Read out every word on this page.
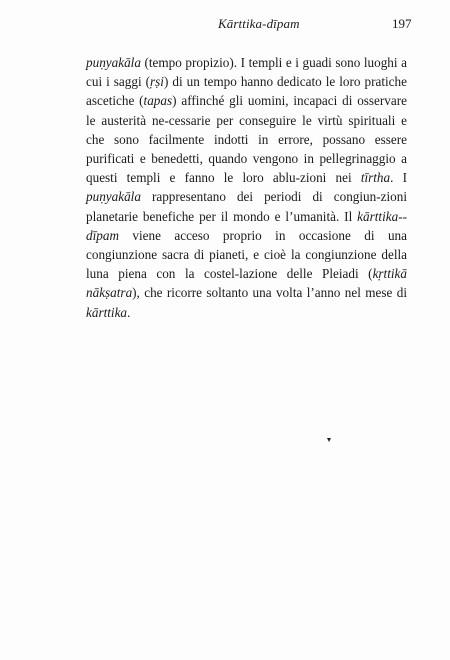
Kārttika-dīpam	197

puṇyakāla (tempo propizio). I templi e i guadi sono luoghi a cui i saggi (ṛṣi) di un tempo hanno dedicato le loro pratiche ascetiche (tapas) affinché gli uomini, incapaci di osservare le austerità ne-cessarie per conseguire le virtù spirituali e che sono facilmente indotti in errore, possano essere purificati e benedetti, quando vengono in pellegrinaggio a questi templi e fanno le loro ablu-zioni nei tīrtha. I puṇyakāla rappresentano dei periodi di congiun-zioni planetarie benefiche per il mondo e l’umanità. Il kārttika-dīpam viene acceso proprio in occasione di una congiunzione sacra di pianeti, e cioè la congiunzione della luna piena con la costel-lazione delle Pleiadi (kṛttikā nākṣatra), che ricorre soltanto una volta l’anno nel mese di kārttika.
